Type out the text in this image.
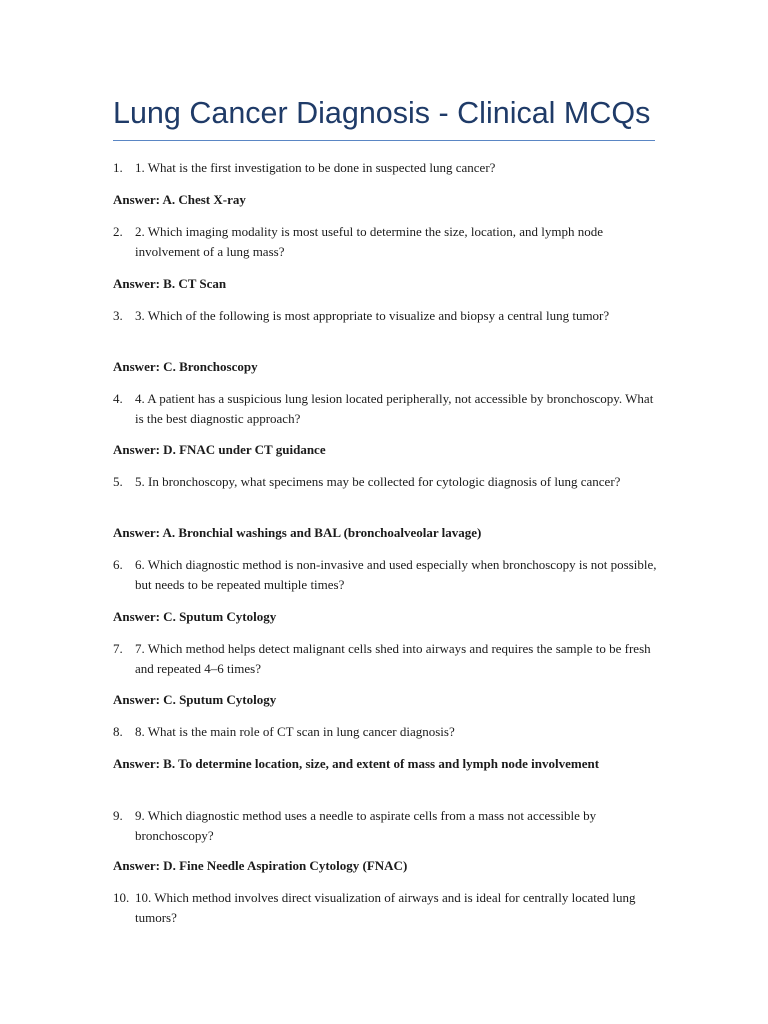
Lung Cancer Diagnosis - Clinical MCQs
1. 1. What is the first investigation to be done in suspected lung cancer?
Answer: A. Chest X-ray
2. 2. Which imaging modality is most useful to determine the size, location, and lymph node involvement of a lung mass?
Answer: B. CT Scan
3. 3. Which of the following is most appropriate to visualize and biopsy a central lung tumor?
Answer: C. Bronchoscopy
4. 4. A patient has a suspicious lung lesion located peripherally, not accessible by bronchoscopy. What is the best diagnostic approach?
Answer: D. FNAC under CT guidance
5. 5. In bronchoscopy, what specimens may be collected for cytologic diagnosis of lung cancer?
Answer: A. Bronchial washings and BAL (bronchoalveolar lavage)
6. 6. Which diagnostic method is non-invasive and used especially when bronchoscopy is not possible, but needs to be repeated multiple times?
Answer: C. Sputum Cytology
7. 7. Which method helps detect malignant cells shed into airways and requires the sample to be fresh and repeated 4–6 times?
Answer: C. Sputum Cytology
8. 8. What is the main role of CT scan in lung cancer diagnosis?
Answer: B. To determine location, size, and extent of mass and lymph node involvement
9. 9. Which diagnostic method uses a needle to aspirate cells from a mass not accessible by bronchoscopy?
Answer: D. Fine Needle Aspiration Cytology (FNAC)
10. 10. Which method involves direct visualization of airways and is ideal for centrally located lung tumors?
